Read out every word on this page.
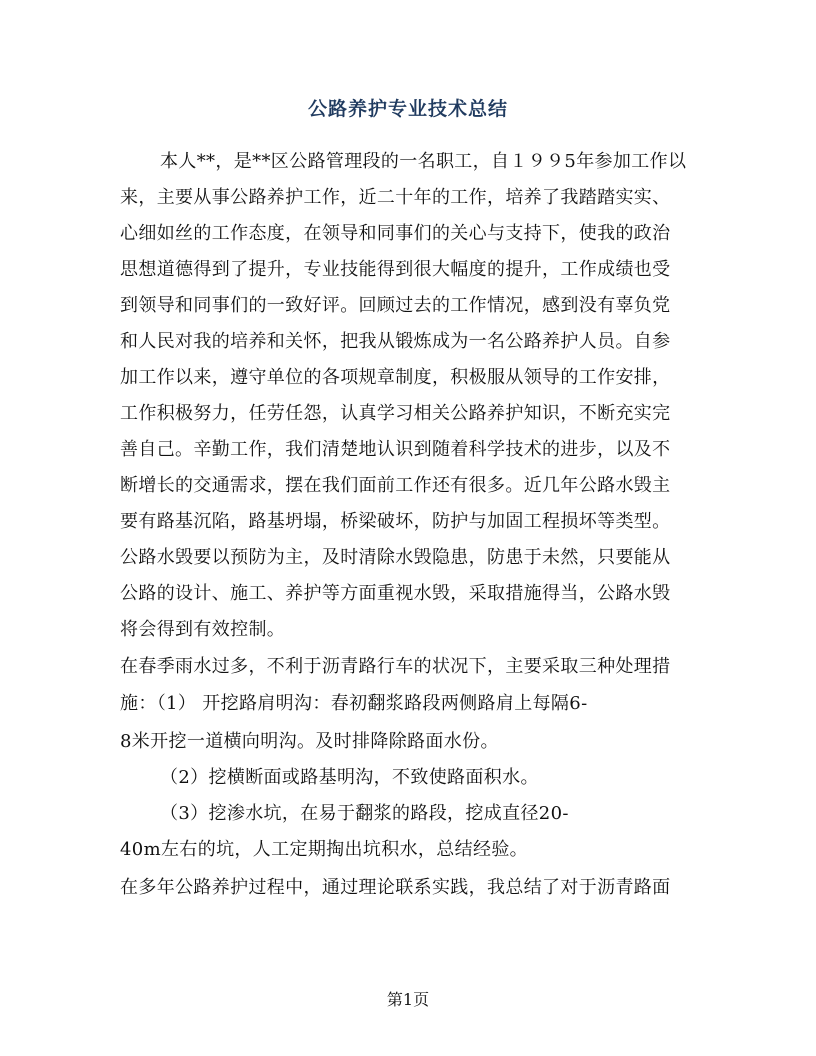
公路养护专业技术总结
本人**，是**区公路管理段的一名职工，自１９９5年参加工作以
来，主要从事公路养护工作，近二十年的工作，培养了我踏踏实实、
心细如丝的工作态度，在领导和同事们的关心与支持下，使我的政治
思想道德得到了提升，专业技能得到很大幅度的提升，工作成绩也受
到领导和同事们的一致好评。回顾过去的工作情况，感到没有辜负党
和人民对我的培养和关怀，把我从锻炼成为一名公路养护人员。自参
加工作以来，遵守单位的各项规章制度，积极服从领导的工作安排，
工作积极努力，任劳任怨，认真学习相关公路养护知识，不断充实完
善自己。辛勤工作，我们清楚地认识到随着科学技术的进步，以及不
断增长的交通需求，摆在我们面前工作还有很多。近几年公路水毁主
要有路基沉陷，路基坍塌，桥梁破坏，防护与加固工程损坏等类型。
公路水毁要以预防为主，及时清除水毁隐患，防患于未然，只要能从
公路的设计、施工、养护等方面重视水毁，采取措施得当，公路水毁
将会得到有效控制。
在春季雨水过多，不利于沥青路行车的状况下，主要采取三种处理措
施：（1） 开挖路肩明沟：春初翻浆路段两侧路肩上每隔6-
8米开挖一道横向明沟。及时排降除路面水份。
（2）挖横断面或路基明沟，不致使路面积水。
（3）挖渗水坑，在易于翻浆的路段，挖成直径20-
40m左右的坑，人工定期掏出坑积水，总结经验。
在多年公路养护过程中，通过理论联系实践，我总结了对于沥青路面
第1页
